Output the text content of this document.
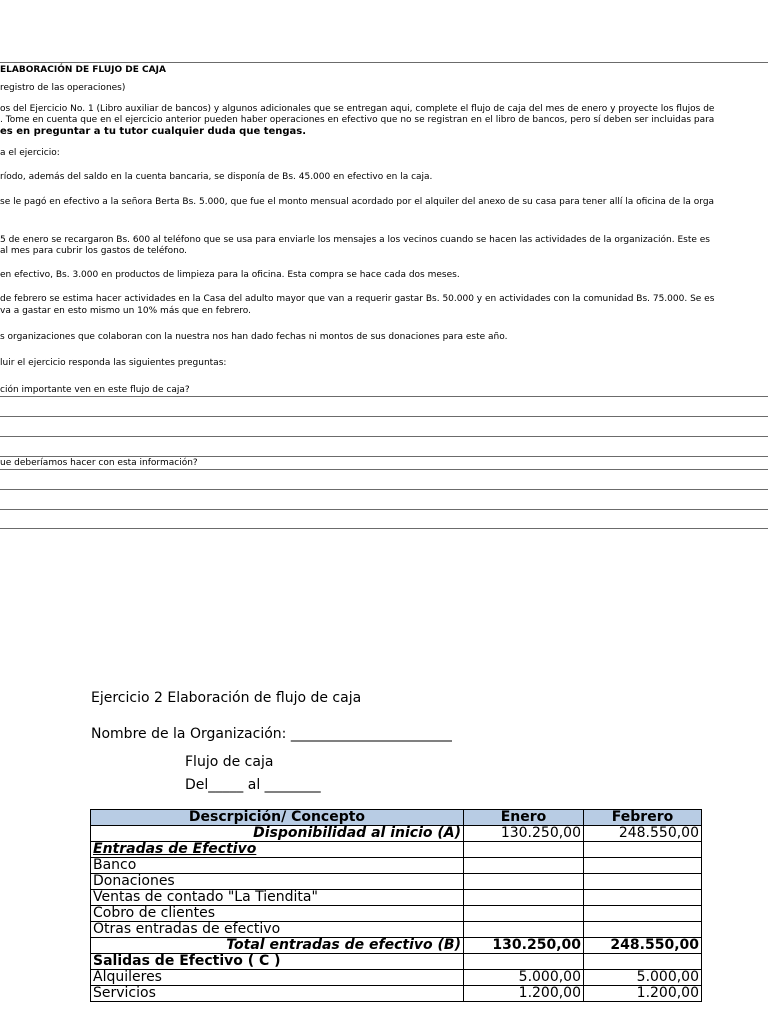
ELABORACIÓN DE FLUJO DE CAJA
registro de las operaciones)
os del Ejercicio No. 1 (Libro auxiliar de bancos) y algunos adicionales que se entregan aqui, complete el flujo de caja del mes de enero y proyecte los flujos de
. Tome en cuenta que en el ejercicio anterior pueden haber operaciones en efectivo que no se registran en el libro de bancos, pero sí deben ser incluidas para
es en preguntar a tu tutor cualquier duda que tengas.
a el ejercicio:
ríodo, además del saldo en la cuenta bancaria, se disponía de Bs. 45.000 en efectivo en la caja.
se le pagó en efectivo a la señora Berta Bs. 5.000, que fue el monto mensual acordado por el alquiler del anexo de su casa para tener allí la oficina de la orga
5 de enero se recargaron Bs. 600 al teléfono que se usa para enviarle los mensajes a los vecinos cuando se hacen las actividades de la organización. Este es
al mes para cubrir los gastos de teléfono.
en efectivo, Bs. 3.000 en productos de limpieza para la oficina. Esta compra se hace cada dos meses.
de febrero se estima hacer actividades en la Casa del adulto mayor que van a requerir gastar Bs. 50.000 y en actividades con la comunidad Bs. 75.000. Se es
va a gastar en esto mismo un 10% más que en febrero.
s organizaciones que colaboran con la nuestra nos han dado fechas ni montos de sus donaciones para este año.
luir el ejercicio responda las siguientes preguntas:
ción importante ven en este flujo de caja?
ue deberíamos hacer con esta información?
Ejercicio 2 Elaboración de flujo de caja
Nombre de la Organización: _______________________
Flujo de caja
Del_____ al ________
Descrpición/ Concepto	Enero	Febrero
Disponibilidad al inicio (A)	130.250,00	248.550,00
Entradas de Efectivo		
Banco		
Donaciones		
Ventas de contado "La Tiendita"		
Cobro de clientes		
Otras entradas de efectivo		
Total entradas de efectivo (B)	130.250,00	248.550,00
Salidas de Efectivo ( C )		
Alquileres	5.000,00	5.000,00
Servicios	1.200,00	1.200,00
